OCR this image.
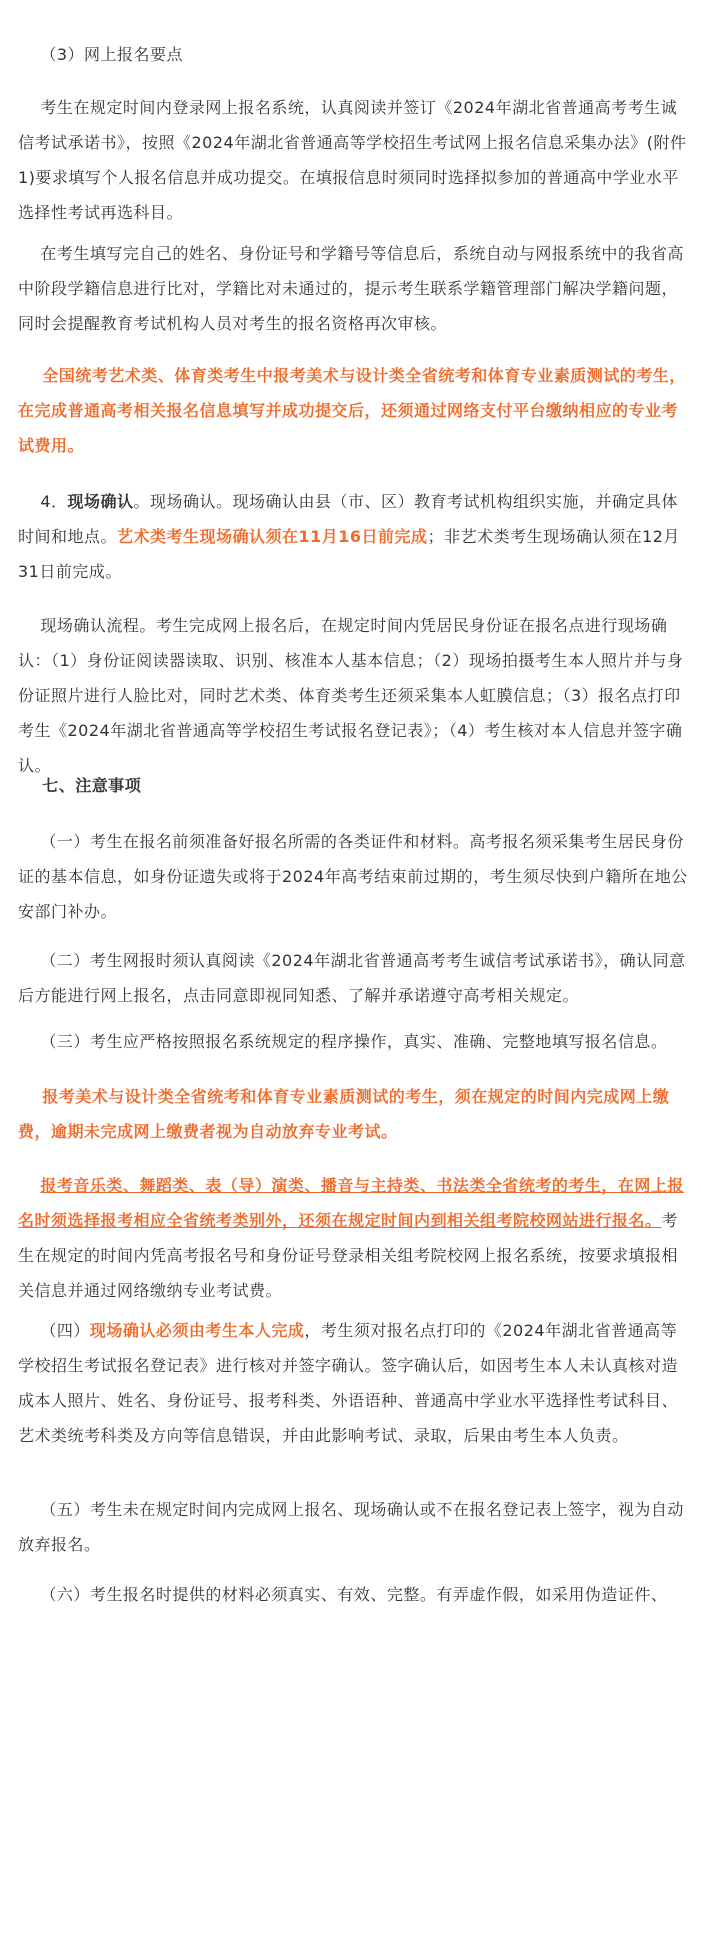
（3）网上报名要点

考生在规定时间内登录网上报名系统，认真阅读并签订《2024年湖北省普通高考考生诚信考试承诺书》，按照《2024年湖北省普通高等学校招生考试网上报名信息采集办法》(附件1)要求填写个人报名信息并成功提交。在填报信息时须同时选择拟参加的普通高中学业水平选择性考试再选科目。

在考生填写完自己的姓名、身份证号和学籍号等信息后，系统自动与网报系统中的我省高中阶段学籍信息进行比对，学籍比对未通过的，提示考生联系学籍管理部门解决学籍问题，同时会提醒教育考试机构人员对考生的报名资格再次审核。

全国统考艺术类、体育类考生中报考美术与设计类全省统考和体育专业素质测试的考生，在完成普通高考相关报名信息填写并成功提交后，还须通过网络支付平台缴纳相应的专业考试费用。

4．现场确认。现场确认。现场确认由县（市、区）教育考试机构组织实施，并确定具体时间和地点。艺术类考生现场确认须在11月16日前完成；非艺术类考生现场确认须在12月31日前完成。

现场确认流程。考生完成网上报名后，在规定时间内凭居民身份证在报名点进行现场确认：（1）身份证阅读器读取、识别、核准本人基本信息；（2）现场拍摄考生本人照片并与身份证照片进行人脸比对，同时艺术类、体育类考生还须采集本人虹膜信息；（3）报名点打印考生《2024年湖北省普通高等学校招生考试报名登记表》；（4）考生核对本人信息并签字确认。

七、注意事项

（一）考生在报名前须准备好报名所需的各类证件和材料。高考报名须采集考生居民身份证的基本信息，如身份证遗失或将于2024年高考结束前过期的，考生须尽快到户籍所在地公安部门补办。

（二）考生网报时须认真阅读《2024年湖北省普通高考考生诚信考试承诺书》，确认同意后方能进行网上报名，点击同意即视同知悉、了解并承诺遵守高考相关规定。

（三）考生应严格按照报名系统规定的程序操作，真实、准确、完整地填写报名信息。

报考美术与设计类全省统考和体育专业素质测试的考生，须在规定的时间内完成网上缴费，逾期未完成网上缴费者视为自动放弃专业考试。

报考音乐类、舞蹈类、表（导）演类、播音与主持类、书法类全省统考的考生，在网上报名时须选择报考相应全省统考类别外，还须在规定时间内到相关组考院校网站进行报名。考生在规定的时间内凭高考报名号和身份证号登录相关组考院校网上报名系统，按要求填报相关信息并通过网络缴纳专业考试费。

（四）现场确认必须由考生本人完成，考生须对报名点打印的《2024年湖北省普通高等学校招生考试报名登记表》进行核对并签字确认。签字确认后，如因考生本人未认真核对造成本人照片、姓名、身份证号、报考科类、外语语种、普通高中学业水平选择性考试科目、艺术类统考科类及方向等信息错误，并由此影响考试、录取，后果由考生本人负责。

（五）考生未在规定时间内完成网上报名、现场确认或不在报名登记表上签字，视为自动放弃报名。

（六）考生报名时提供的材料必须真实、有效、完整。有弄虚作假，如采用伪造证件、
